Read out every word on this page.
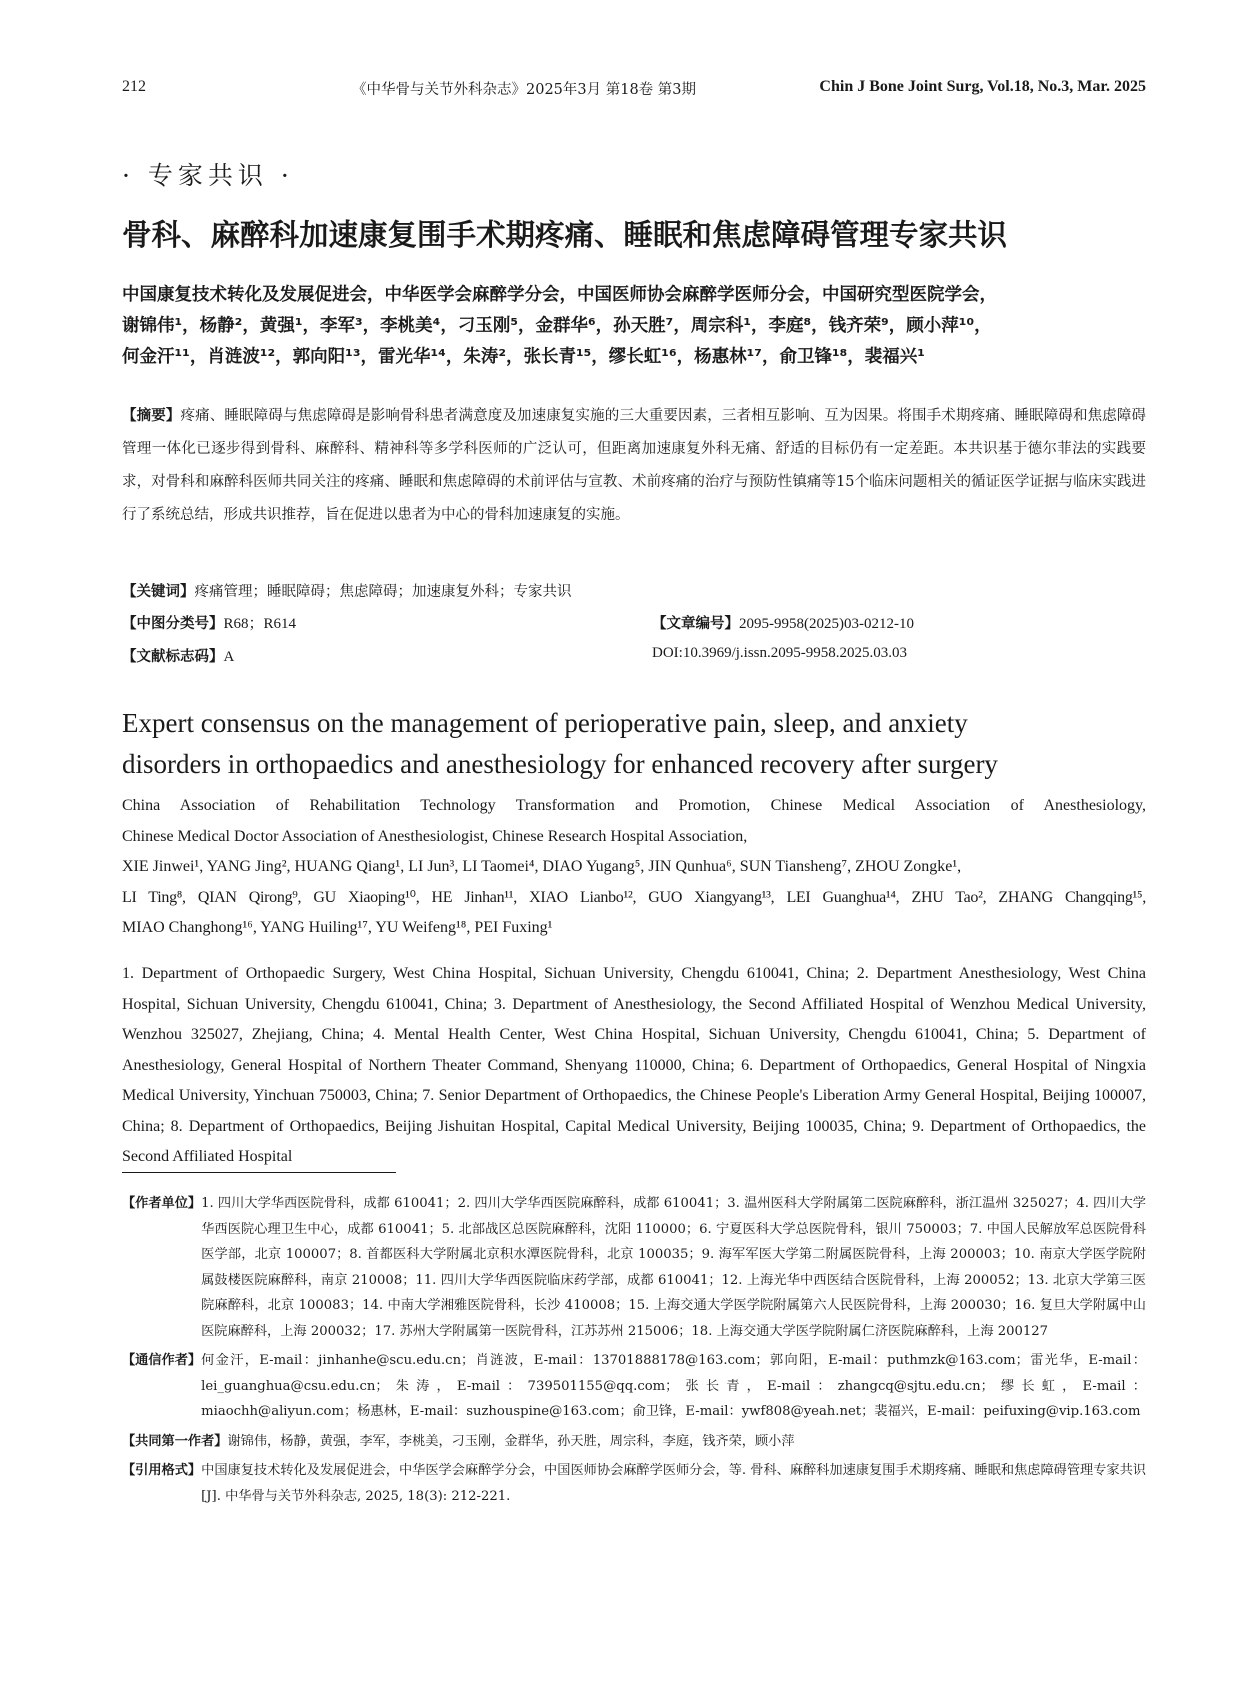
212	《中华骨与关节外科杂志》2025年3月 第18卷 第3期	Chin J Bone Joint Surg, Vol.18, No.3, Mar. 2025
· 专家共识 ·
骨科、麻醉科加速康复围手术期疼痛、睡眠和焦虑障碍管理专家共识
中国康复技术转化及发展促进会，中华医学会麻醉学分会，中国医师协会麻醉学医师分会，中国研究型医院学会，
谢锦伟¹，杨静²，黄强¹，李军³，李桃美⁴，刁玉刚⁵，金群华⁶，孙天胜⁷，周宗科¹，李庭⁸，钱齐荣⁹，顾小萍¹⁰，
何金汗¹¹，肖涟波¹²，郭向阳¹³，雷光华¹⁴，朱涛²，张长青¹⁵，缪长虹¹⁶，杨惠林¹⁷，俞卫锋¹⁸，裴福兴¹
【摘要】疼痛、睡眠障碍与焦虑障碍是影响骨科患者满意度及加速康复实施的三大重要因素，三者相互影响、互为因果。将围手术期疼痛、睡眠障碍和焦虑障碍管理一体化已逐步得到骨科、麻醉科、精神科等多学科医师的广泛认可，但距离加速康复外科无痛、舒适的目标仍有一定差距。本共识基于德尔菲法的实践要求，对骨科和麻醉科医师共同关注的疼痛、睡眠和焦虑障碍的术前评估与宣教、术前疼痛的治疗与预防性镇痛等15个临床问题相关的循证医学证据与临床实践进行了系统总结，形成共识推荐，旨在促进以患者为中心的骨科加速康复的实施。
【关键词】疼痛管理；睡眠障碍；焦虑障碍；加速康复外科；专家共识
【中图分类号】R68；R614	【文章编号】2095-9958(2025)03-0212-10
【文献标志码】A	DOI:10.3969/j.issn.2095-9958.2025.03.03
Expert consensus on the management of perioperative pain, sleep, and anxiety
disorders in orthopaedics and anesthesiology for enhanced recovery after surgery
China Association of Rehabilitation Technology Transformation and Promotion, Chinese Medical Association of Anesthesiology,
Chinese Medical Doctor Association of Anesthesiologist, Chinese Research Hospital Association,
XIE Jinwei¹, YANG Jing², HUANG Qiang¹, LI Jun³, LI Taomei⁴, DIAO Yugang⁵, JIN Qunhua⁶, SUN Tiansheng⁷, ZHOU Zongke¹,
LI Ting⁸, QIAN Qirong⁹, GU Xiaoping¹⁰, HE Jinhan¹¹, XIAO Lianbo¹², GUO Xiangyang¹³, LEI Guanghua¹⁴, ZHU Tao², ZHANG Changqing¹⁵,
MIAO Changhong¹⁶, YANG Huiling¹⁷, YU Weifeng¹⁸, PEI Fuxing¹
1. Department of Orthopaedic Surgery, West China Hospital, Sichuan University, Chengdu 610041, China; 2. Department Anesthesiology, West China Hospital, Sichuan University, Chengdu 610041, China; 3. Department of Anesthesiology, the Second Affiliated Hospital of Wenzhou Medical University, Wenzhou 325027, Zhejiang, China; 4. Mental Health Center, West China Hospital, Sichuan University, Chengdu 610041, China; 5. Department of Anesthesiology, General Hospital of Northern Theater Command, Shenyang 110000, China; 6. Department of Orthopaedics, General Hospital of Ningxia Medical University, Yinchuan 750003, China; 7. Senior Department of Orthopaedics, the Chinese People's Liberation Army General Hospital, Beijing 100007, China; 8. Department of Orthopaedics, Beijing Jishuitan Hospital, Capital Medical University, Beijing 100035, China; 9. Department of Orthopaedics, the Second Affiliated Hospital
【作者单位】 1. 四川大学华西医院骨科，成都 610041；2. 四川大学华西医院麻醉科，成都 610041；3. 温州医科大学附属第二医院麻醉科，浙江温州 325027；4. 四川大学华西医院心理卫生中心，成都 610041；5. 北部战区总医院麻醉科，沈阳 110000；6. 宁夏医科大学总医院骨科，银川 750003；7. 中国人民解放军总医院骨科医学部，北京 100007；8. 首都医科大学附属北京积水潭医院骨科，北京 100035；9. 海军军医大学第二附属医院骨科，上海 200003；10. 南京大学医学院附属鼓楼医院麻醉科，南京 210008；11. 四川大学华西医院临床药学部，成都 610041；12. 上海光华中西医结合医院骨科，上海 200052；13. 北京大学第三医院麻醉科，北京 100083；14. 中南大学湘雅医院骨科，长沙 410008；15. 上海交通大学医学院附属第六人民医院骨科，上海 200030；16. 复旦大学附属中山医院麻醉科，上海 200032；17. 苏州大学附属第一医院骨科，江苏苏州 215006；18. 上海交通大学医学院附属仁济医院麻醉科，上海 200127
【通信作者】 何金汗，E-mail：jinhanhe@scu.edu.cn；肖涟波，E-mail：13701888178@163.com；郭向阳，E-mail：puthmzk@163.com；雷光华，E-mail：lei_guanghua@csu.edu.cn；朱涛，E-mail：739501155@qq.com；张长青，E-mail：zhangcq@sjtu.edu.cn；缪长虹，E-mail：miaochh@aliyun.com；杨惠林，E-mail：suzhouspine@163.com；俞卫锋，E-mail：ywf808@yeah.net；裴福兴，E-mail：peifuxing@vip.163.com
【共同第一作者】 谢锦伟，杨静，黄强，李军，李桃美，刁玉刚，金群华，孙天胜，周宗科，李庭，钱齐荣，顾小萍
【引用格式】 中国康复技术转化及发展促进会，中华医学会麻醉学分会，中国医师协会麻醉学医师分会，等. 骨科、麻醉科加速康复围手术期疼痛、睡眠和焦虑障碍管理专家共识[J]. 中华骨与关节外科杂志, 2025, 18(3): 212-221.
